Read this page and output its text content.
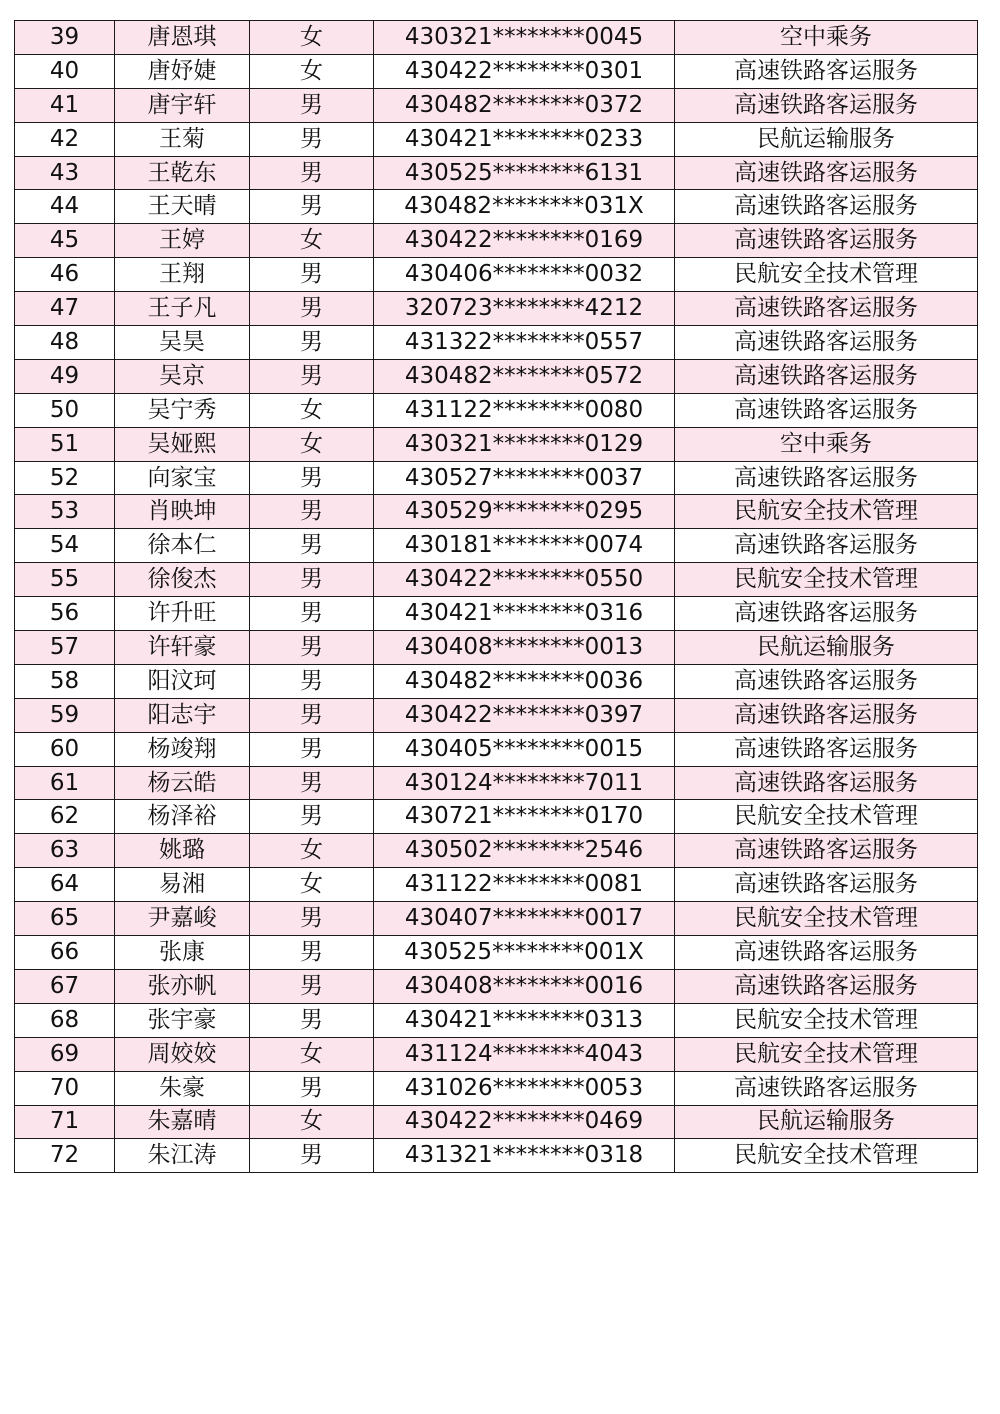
39	唐恩琪	女	430321********0045	空中乘务
40	唐妤婕	女	430422********0301	高速铁路客运服务
41	唐宇轩	男	430482********0372	高速铁路客运服务
42	王菊	男	430421********0233	民航运输服务
43	王乾东	男	430525********6131	高速铁路客运服务
44	王天晴	男	430482********031X	高速铁路客运服务
45	王婷	女	430422********0169	高速铁路客运服务
46	王翔	男	430406********0032	民航安全技术管理
47	王子凡	男	320723********4212	高速铁路客运服务
48	吴昊	男	431322********0557	高速铁路客运服务
49	吴京	男	430482********0572	高速铁路客运服务
50	吴宁秀	女	431122********0080	高速铁路客运服务
51	吴娅熙	女	430321********0129	空中乘务
52	向家宝	男	430527********0037	高速铁路客运服务
53	肖映坤	男	430529********0295	民航安全技术管理
54	徐本仁	男	430181********0074	高速铁路客运服务
55	徐俊杰	男	430422********0550	民航安全技术管理
56	许升旺	男	430421********0316	高速铁路客运服务
57	许轩豪	男	430408********0013	民航运输服务
58	阳汶珂	男	430482********0036	高速铁路客运服务
59	阳志宇	男	430422********0397	高速铁路客运服务
60	杨竣翔	男	430405********0015	高速铁路客运服务
61	杨云皓	男	430124********7011	高速铁路客运服务
62	杨泽裕	男	430721********0170	民航安全技术管理
63	姚璐	女	430502********2546	高速铁路客运服务
64	易湘	女	431122********0081	高速铁路客运服务
65	尹嘉峻	男	430407********0017	民航安全技术管理
66	张康	男	430525********001X	高速铁路客运服务
67	张亦帆	男	430408********0016	高速铁路客运服务
68	张宇豪	男	430421********0313	民航安全技术管理
69	周姣姣	女	431124********4043	民航安全技术管理
70	朱豪	男	431026********0053	高速铁路客运服务
71	朱嘉晴	女	430422********0469	民航运输服务
72	朱江涛	男	431321********0318	民航安全技术管理
